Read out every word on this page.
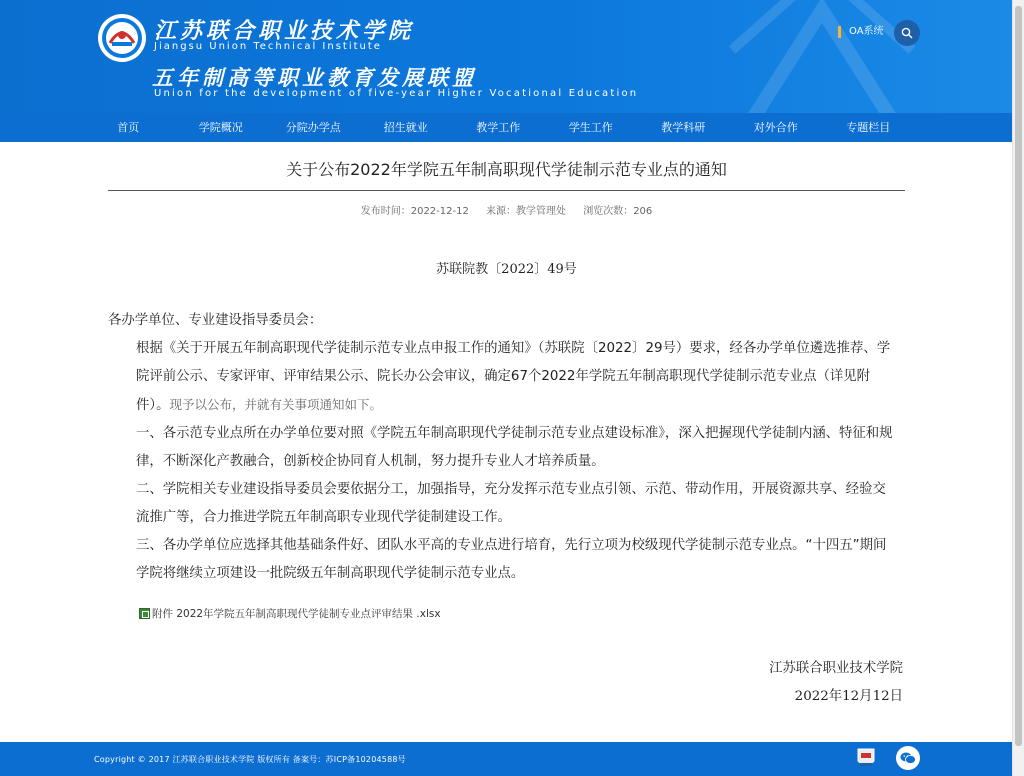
江苏联合职业技术学院
Jiangsu Union Technical Institute
五年制高等职业教育发展联盟
Union for the development of five-year Higher Vocational Education
OA系统
首页	学院概况	分院办学点	招生就业	教学工作	学生工作	教学科研	对外合作	专题栏目
关于公布2022年学院五年制高职现代学徒制示范专业点的通知
发布时间：2022-12-12　 来源：教学管理处　 浏览次数：206
苏联院教〔2022〕49号
各办学单位、专业建设指导委员会：
根据《关于开展五年制高职现代学徒制示范专业点申报工作的通知》（苏联院〔2022〕29号）要求，经各办学单位遴选推荐、学院评前公示、专家评审、评审结果公示、院长办公会审议，确定67个2022年学院五年制高职现代学徒制示范专业点（详见附件）。现予以公布，并就有关事项通知如下。
一、各示范专业点所在办学单位要对照《学院五年制高职现代学徒制示范专业点建设标准》，深入把握现代学徒制内涵、特征和规律，不断深化产教融合，创新校企协同育人机制，努力提升专业人才培养质量。
二、学院相关专业建设指导委员会要依据分工，加强指导，充分发挥示范专业点引领、示范、带动作用，开展资源共享、经验交流推广等，合力推进学院五年制高职专业现代学徒制建设工作。
三、各办学单位应选择其他基础条件好、团队水平高的专业点进行培育，先行立项为校级现代学徒制示范专业点。“十四五”期间学院将继续立项建设一批院级五年制高职现代学徒制示范专业点。
附件 2022年学院五年制高职现代学徒制专业点评审结果 .xlsx
江苏联合职业技术学院
2022年12月12日
Copyright © 2017 江苏联合职业技术学院 版权所有 备案号：苏ICP备10204588号
